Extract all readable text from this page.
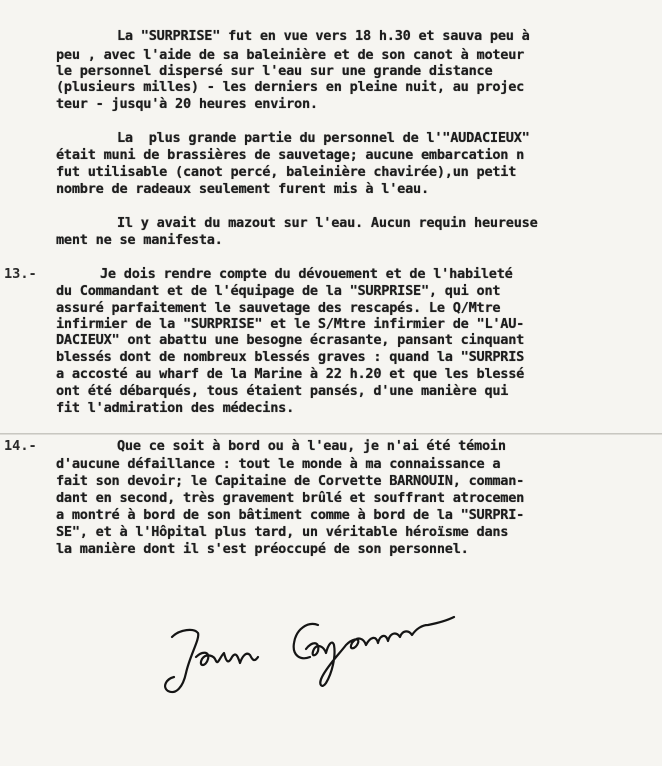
La "SURPRISE" fut en vue vers 18 h.30 et sauva peu à
peu , avec l'aide de sa baleinière et de son canot à moteur
le personnel dispersé sur l'eau sur une grande distance
(plusieurs milles) - les derniers en pleine nuit, au projec
teur - jusqu'à 20 heures environ.
La  plus grande partie du personnel de l'"AUDACIEUX"
était muni de brassières de sauvetage; aucune embarcation n
fut utilisable (canot percé, baleinière chavirée),un petit
nombre de radeaux seulement furent mis à l'eau.
Il y avait du mazout sur l'eau. Aucun requin heureuse
ment ne se manifesta.
13.-	Je dois rendre compte du dévouement et de l'habileté
du Commandant et de l'équipage de la "SURPRISE", qui ont
assuré parfaitement le sauvetage des rescapés. Le Q/Mtre
infirmier de la "SURPRISE" et le S/Mtre infirmier de "L'AU-
DACIEUX" ont abattu une besogne écrasante, pansant cinquant
blessés dont de nombreux blessés graves : quand la "SURPRIS
a accosté au wharf de la Marine à 22 h.20 et que les blessé
ont été débarqués, tous étaient pansés, d'une manière qui
fit l'admiration des médecins.
14.-	Que ce soit à bord ou à l'eau, je n'ai été témoin
d'aucune défaillance : tout le monde à ma connaissance a
fait son devoir; le Capitaine de Corvette BARNOUIN, comman-
dant en second, très gravement brûlé et souffrant atrocemen
a montré à bord de son bâtiment comme à bord de la "SURPRI-
SE", et à l'Hôpital plus tard, un véritable héroïsme dans
la manière dont il s'est préoccupé de son personnel.
